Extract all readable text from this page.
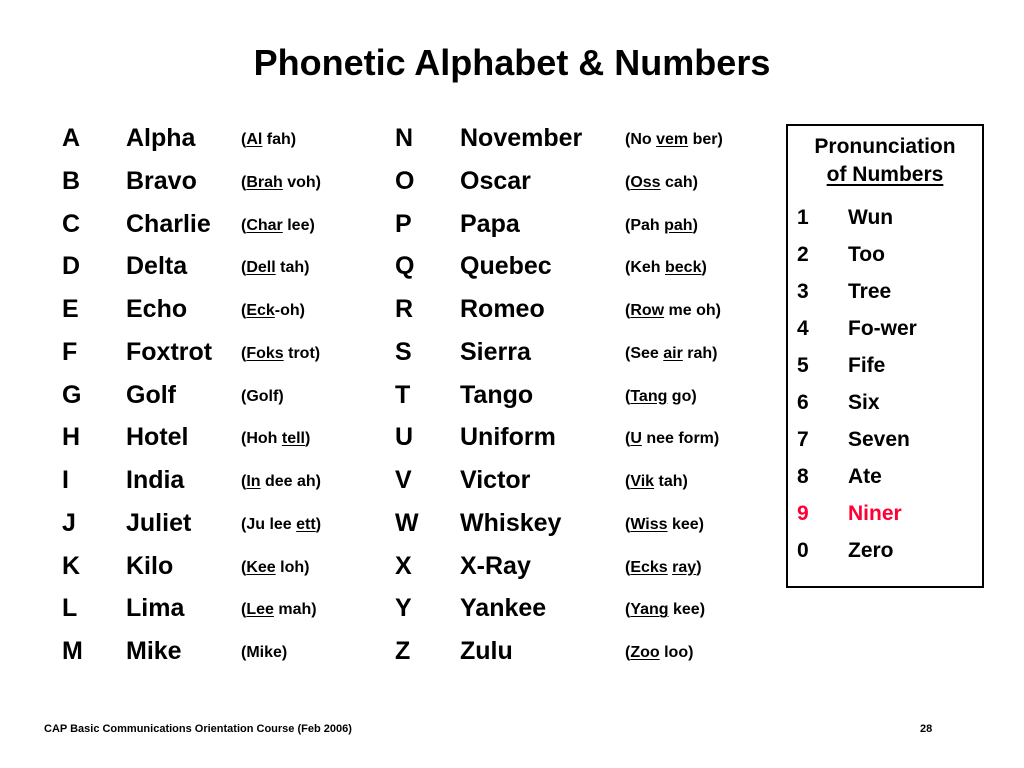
Phonetic Alphabet & Numbers
A Alpha	(Al fah)
B Bravo	(Brah voh)
C Charlie (Char lee)
D Delta	(Dell tah)
E Echo	(Eck-oh)
F Foxtrot (Foks trot)
G Golf	(Golf)
H Hotel	(Hoh tell)
I India	(In dee ah)
J Juliet	(Ju lee ett)
K Kilo	(Kee loh)
L Lima	(Lee mah)
M Mike	(Mike)
N November	(No vem ber)
O Oscar	(Oss cah)
P Papa	(Pah pah)
Q Quebec	(Keh beck)
R Romeo	(Row me oh)
S Sierra	(See air rah)
T Tango	(Tang go)
U Uniform	(U nee form)
V Victor	(Vik tah)
W Whiskey	(Wiss kee)
X X-Ray	(Ecks ray)
Y Yankee	(Yang kee)
Z Zulu	(Zoo loo)
Pronunciation
of Numbers
1 Wun
2 Too
3 Tree
4 Fo-wer
5 Fife
6 Six
7 Seven
8 Ate
9 Niner
0 Zero
CAP Basic Communications Orientation Course (Feb 2006)	28
